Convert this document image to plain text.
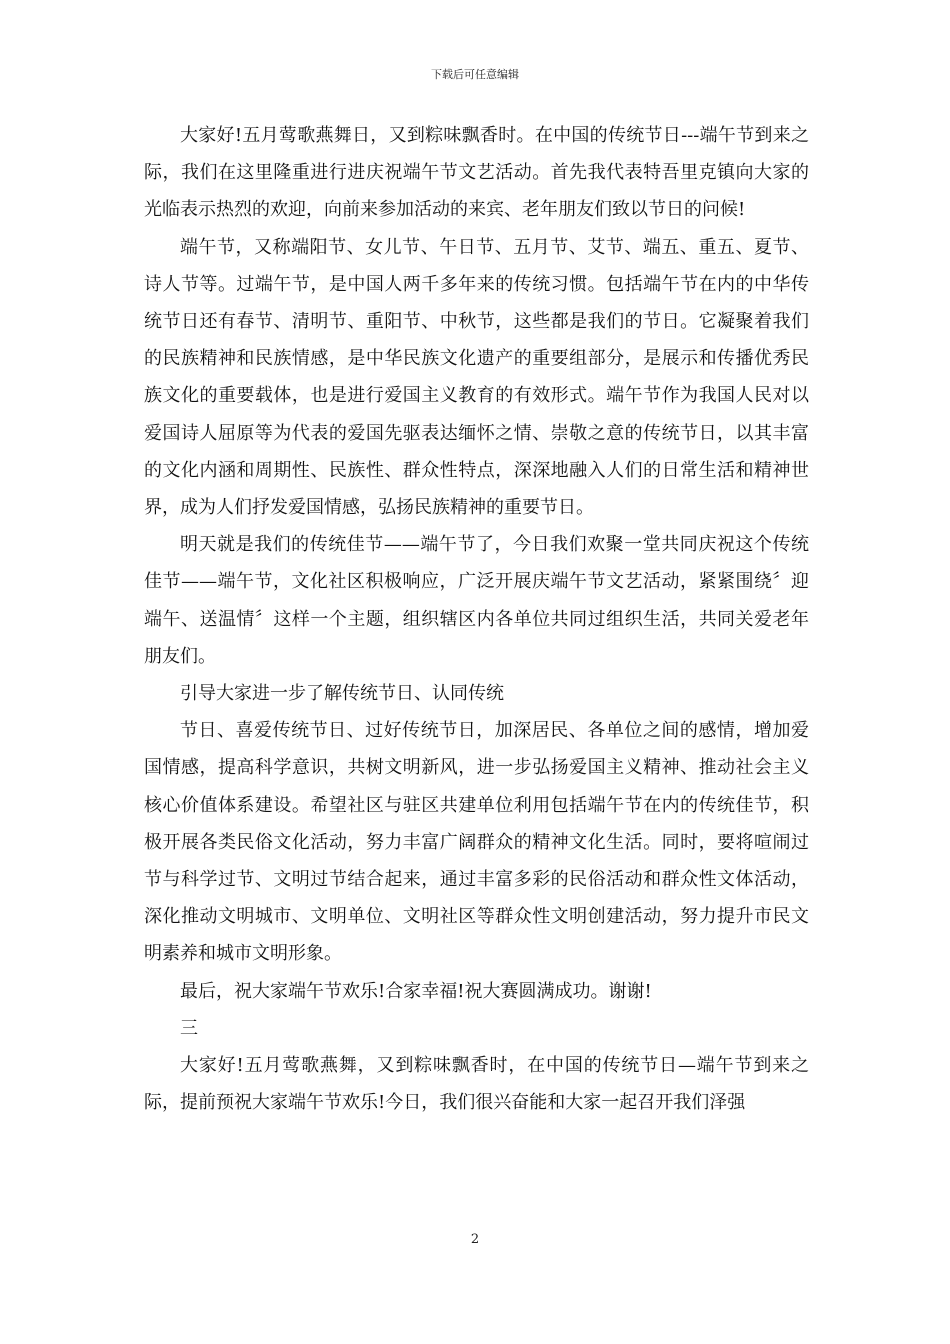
下载后可任意编辑

大家好!五月莺歌燕舞日，又到粽味飘香时。在中国的传统节日---端午节到来之际，我们在这里隆重进行进庆祝端午节文艺活动。首先我代表特吾里克镇向大家的光临表示热烈的欢迎，向前来参加活动的来宾、老年朋友们致以节日的问候!

端午节，又称端阳节、女儿节、午日节、五月节、艾节、端五、重五、夏节、诗人节等。过端午节，是中国人两千多年来的传统习惯。包括端午节在内的中华传统节日还有春节、清明节、重阳节、中秋节，这些都是我们的节日。它凝聚着我们的民族精神和民族情感，是中华民族文化遗产的重要组部分，是展示和传播优秀民族文化的重要载体，也是进行爱国主义教育的有效形式。端午节作为我国人民对以爱国诗人屈原等为代表的爱国先驱表达缅怀之情、崇敬之意的传统节日，以其丰富的文化内涵和周期性、民族性、群众性特点，深深地融入人们的日常生活和精神世界，成为人们抒发爱国情感，弘扬民族精神的重要节日。

明天就是我们的传统佳节——端午节了，今日我们欢聚一堂共同庆祝这个传统佳节——端午节，文化社区积极响应，广泛开展庆端午节文艺活动，紧紧围绕〞迎端午、送温情〞这样一个主题，组织辖区内各单位共同过组织生活，共同关爱老年朋友们。

引导大家进一步了解传统节日、认同传统

节日、喜爱传统节日、过好传统节日，加深居民、各单位之间的感情，增加爱国情感，提高科学意识，共树文明新风，进一步弘扬爱国主义精神、推动社会主义核心价值体系建设。希望社区与驻区共建单位利用包括端午节在内的传统佳节，积极开展各类民俗文化活动，努力丰富广阔群众的精神文化生活。同时，要将喧闹过节与科学过节、文明过节结合起来，通过丰富多彩的民俗活动和群众性文体活动，深化推动文明城市、文明单位、文明社区等群众性文明创建活动，努力提升市民文明素养和城市文明形象。

最后，祝大家端午节欢乐!合家幸福!祝大赛圆满成功。谢谢!

三

大家好!五月莺歌燕舞，又到粽味飘香时，在中国的传统节日—端午节到来之际，提前预祝大家端午节欢乐!今日，我们很兴奋能和大家一起召开我们泽强

2
